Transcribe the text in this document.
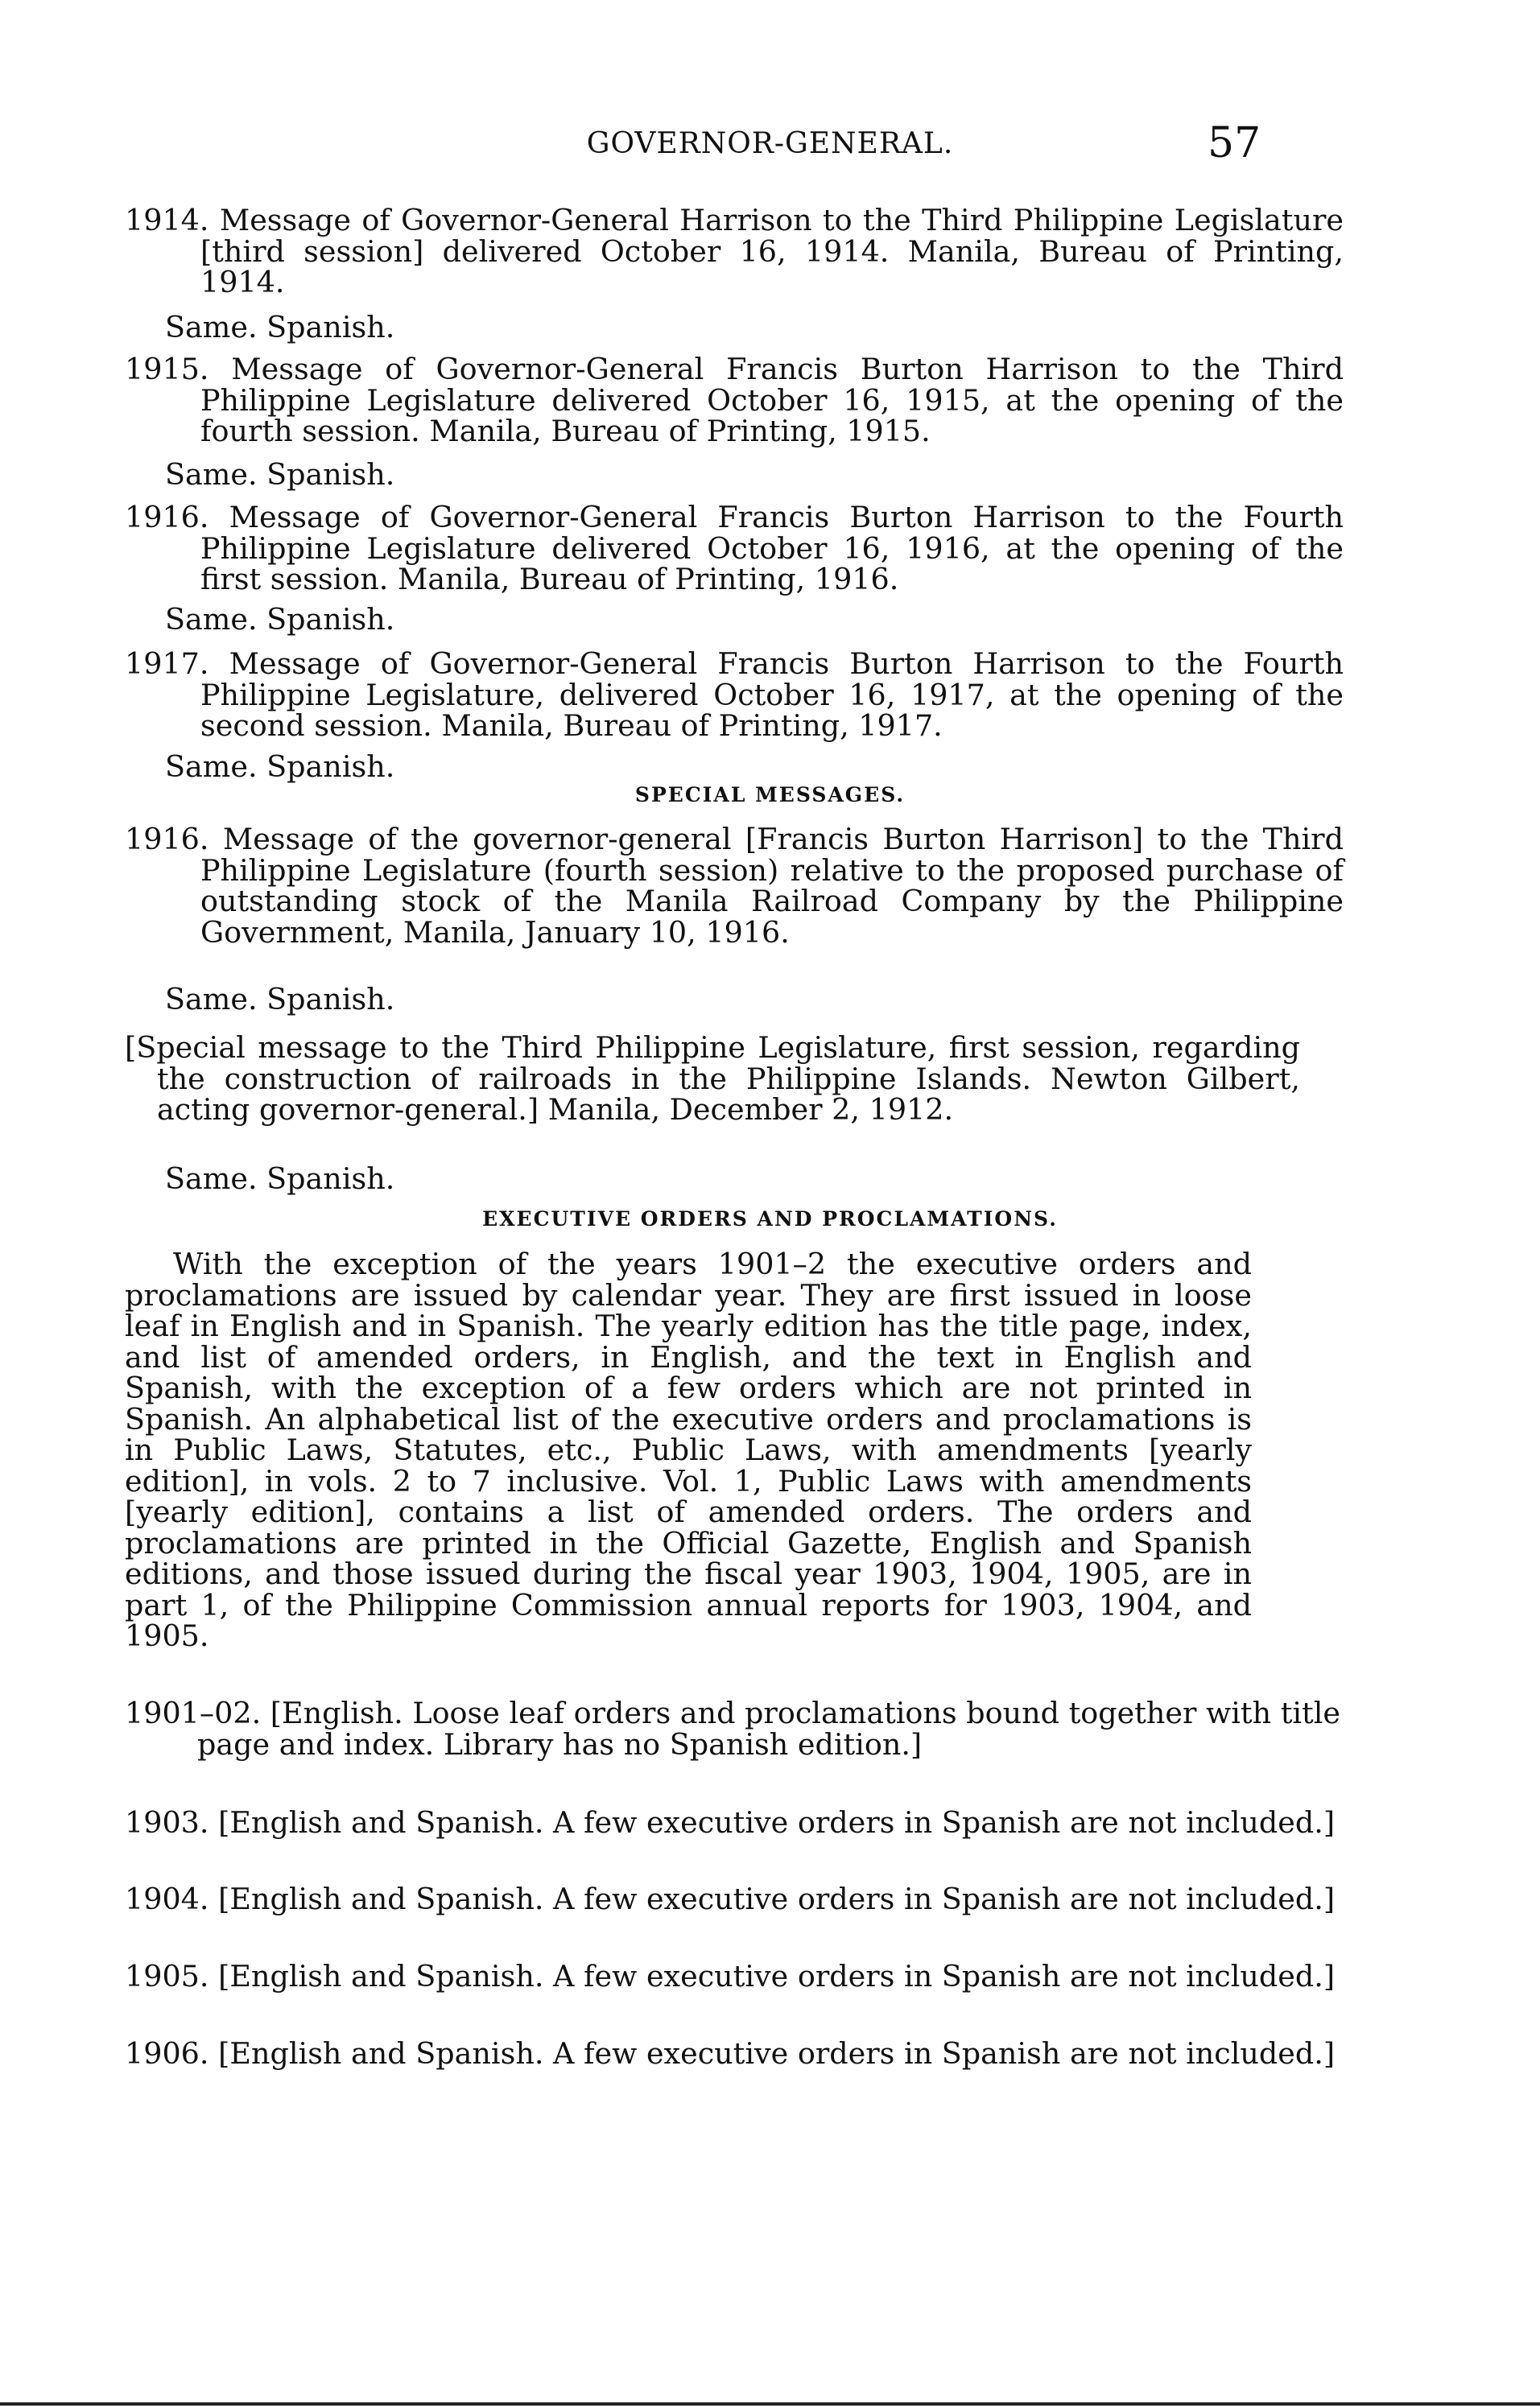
GOVERNOR-GENERAL.	57

1914. Message of Governor-General Harrison to the Third Philippine Legislature [third session] delivered October 16, 1914. Manila, Bureau of Printing, 1914.

Same. Spanish.

1915. Message of Governor-General Francis Burton Harrison to the Third Philippine Legislature delivered October 16, 1915, at the opening of the fourth session. Manila, Bureau of Printing, 1915.

Same. Spanish.

1916. Message of Governor-General Francis Burton Harrison to the Fourth Philippine Legislature delivered October 16, 1916, at the opening of the first session. Manila, Bureau of Printing, 1916.

Same. Spanish.

1917. Message of Governor-General Francis Burton Harrison to the Fourth Philippine Legislature, delivered October 16, 1917, at the opening of the second session. Manila, Bureau of Printing, 1917.

Same. Spanish.

SPECIAL MESSAGES.

1916. Message of the governor-general [Francis Burton Harrison] to the Third Philippine Legislature (fourth session) relative to the proposed purchase of outstanding stock of the Manila Railroad Company by the Philippine Government, Manila, January 10, 1916.

Same. Spanish.

[Special message to the Third Philippine Legislature, first session, regarding the construction of railroads in the Philippine Islands. Newton Gilbert, acting governor-general.] Manila, December 2, 1912.

Same. Spanish.

EXECUTIVE ORDERS AND PROCLAMATIONS.

With the exception of the years 1901–2 the executive orders and proclamations are issued by calendar year. They are first issued in loose leaf in English and in Spanish. The yearly edition has the title page, index, and list of amended orders, in English, and the text in English and Spanish, with the exception of a few orders which are not printed in Spanish. An alphabetical list of the executive orders and proclamations is in Public Laws, Statutes, etc., Public Laws, with amendments [yearly edition], in vols. 2 to 7 inclusive. Vol. 1, Public Laws with amendments [yearly edition], contains a list of amended orders. The orders and proclamations are printed in the Official Gazette, English and Spanish editions, and those issued during the fiscal year 1903, 1904, 1905, are in part 1, of the Philippine Commission annual reports for 1903, 1904, and 1905.

1901–02. [English. Loose leaf orders and proclamations bound together with title page and index. Library has no Spanish edition.]

1903. [English and Spanish. A few executive orders in Spanish are not included.]

1904. [English and Spanish. A few executive orders in Spanish are not included.]

1905. [English and Spanish. A few executive orders in Spanish are not included.]

1906. [English and Spanish. A few executive orders in Spanish are not included.]
